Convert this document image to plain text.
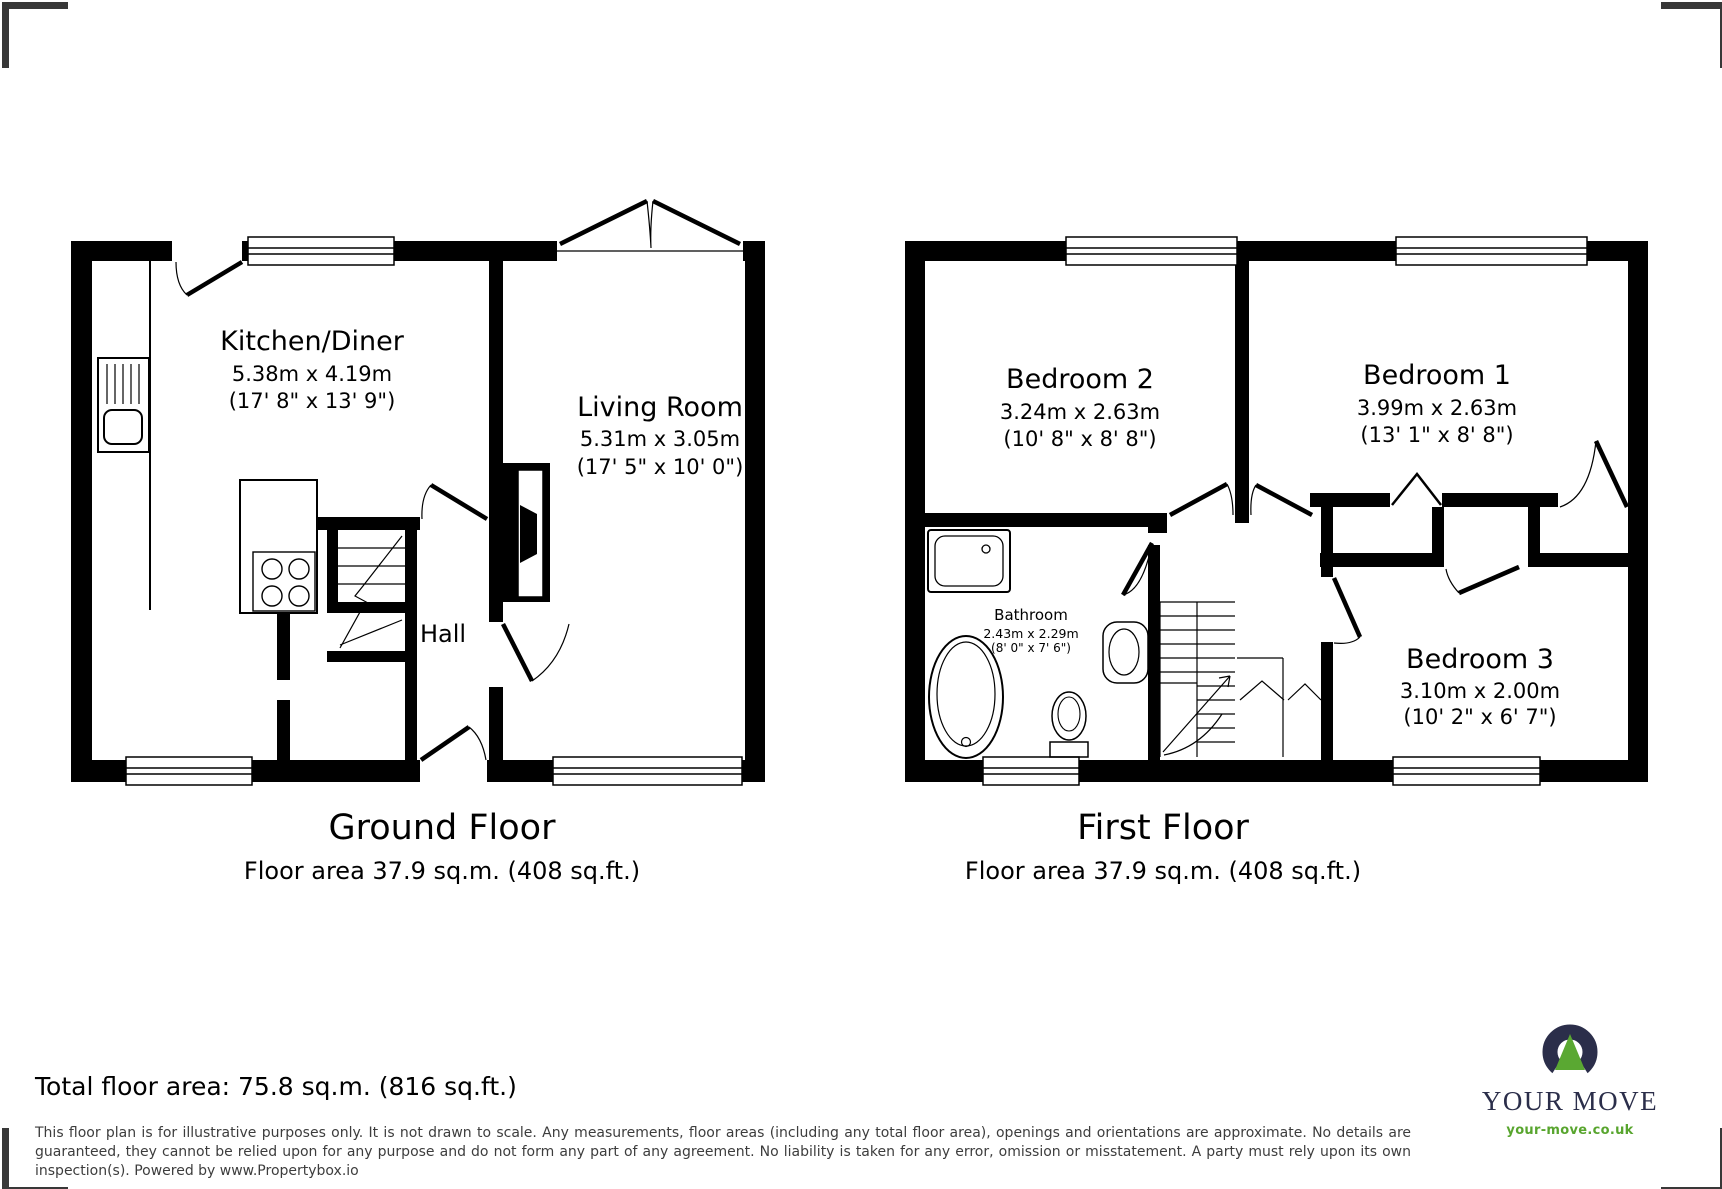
Kitchen/Diner
5.38m x 4.19m
(17' 8" x 13' 9")	Living Room
5.31m x 3.05m
(17' 5" x 10' 0")
Hall
Bedroom 2
3.24m x 2.63m
(10' 8" x 8' 8")
Bedroom 1
3.99m x 2.63m
(13' 1" x 8' 8")
Bathroom
2.43m x 2.29m
(8' 0" x 7' 6")	Bedroom 3
3.10m x 2.00m
(10' 2" x 6' 7")
Ground Floor
Floor area 37.9 sq.m. (408 sq.ft.)
First Floor
Floor area 37.9 sq.m. (408 sq.ft.)
Total floor area: 75.8 sq.m. (816 sq.ft.)
This floor plan is for illustrative purposes only. It is not drawn to scale. Any measurements, floor areas (including any total floor area), openings and orientations are approximate. No details are guaranteed, they cannot be relied upon for any purpose and do not form any part of any agreement. No liability is taken for any error, omission or misstatement. A party must rely upon its own inspection(s). Powered by www.Propertybox.io
YOUR MOVE
your-move.co.uk
